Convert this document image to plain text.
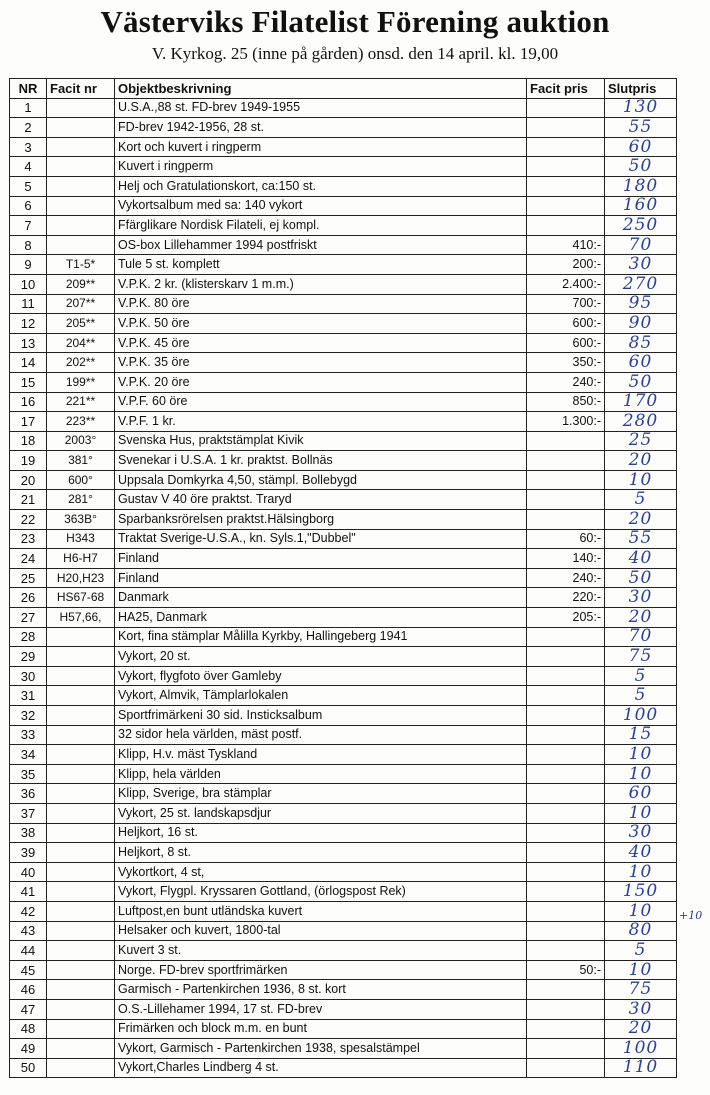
Västerviks Filatelist Förening auktion
V. Kyrkog. 25 (inne på gården) onsd. den 14 april. kl. 19,00
NR	Facit nr	Objektbeskrivning	Facit pris	Slutpris
1		U.S.A.,88 st. FD-brev 1949-1955		130
2		FD-brev 1942-1956, 28 st.		55
3		Kort och kuvert i ringperm		60
4		Kuvert i ringperm		50
5		Helj och Gratulationskort, ca:150 st.		180
6		Vykortsalbum med sa: 140 vykort		160
7		Ffärglikare Nordisk Filateli, ej kompl.		250
8		OS-box Lillehammer 1994 postfriskt	410:-	70
9	T1-5*	Tule 5 st. komplett	200:-	30
10	209**	V.P.K. 2 kr. (klisterskarv 1 m.m.)	2.400:-	270
11	207**	V.P.K. 80 öre	700:-	95
12	205**	V.P.K. 50 öre	600:-	90
13	204**	V.P.K. 45 öre	600:-	85
14	202**	V.P.K. 35 öre	350:-	60
15	199**	V.P.K. 20 öre	240:-	50
16	221**	V.P.F. 60 öre	850:-	170
17	223**	V.P.F. 1 kr.	1.300:-	280
18	2003°	Svenska Hus, praktstämplat Kivik		25
19	381°	Svenekar i U.S.A. 1 kr. praktst. Bollnäs		20
20	600°	Uppsala Domkyrka 4,50, stämpl. Bollebygd		10
21	281°	Gustav V 40 öre praktst. Traryd		5
22	363B°	Sparbanksrörelsen praktst.Hälsingborg		20
23	H343	Traktat Sverige-U.S.A., kn. Syls.1,"Dubbel"	60:-	55
24	H6-H7	Finland	140:-	40
25	H20,H23	Finland	240:-	50
26	HS67-68	Danmark	220:-	30
27	H57,66,	HA25, Danmark	205:-	20
28		Kort, fina stämplar Målilla Kyrkby, Hallingeberg 1941		70
29		Vykort, 20 st.		75
30		Vykort, flygfoto över Gamleby		5
31		Vykort, Almvik, Tämplarlokalen		5
32		Sportfrimärkeni 30 sid. Insticksalbum		100
33		32 sidor hela världen, mäst postf.		15
34		Klipp, H.v. mäst Tyskland		10
35		Klipp, hela världen		10
36		Klipp, Sverige, bra stämplar		60
37		Vykort, 25 st. landskapsdjur		10
38		Heljkort, 16 st.		30
39		Heljkort, 8 st.		40
40		Vykortkort, 4 st,		10
41		Vykort, Flygpl. Kryssaren Gottland, (örlogspost Rek)		150
42		Luftpost,en bunt utländska kuvert		10
43		Helsaker och kuvert, 1800-tal		80
44		Kuvert 3 st.		5
45		Norge. FD-brev sportfrimärken	50:-	10
46		Garmisch - Partenkirchen 1936, 8 st. kort		75
47		O.S.-Lillehamer 1994, 17 st. FD-brev		30
48		Frimärken och block m.m. en bunt		20
49		Vykort, Garmisch - Partenkirchen 1938, spesalstämpel		100
50		Vykort,Charles Lindberg 4 st.		110
+10
